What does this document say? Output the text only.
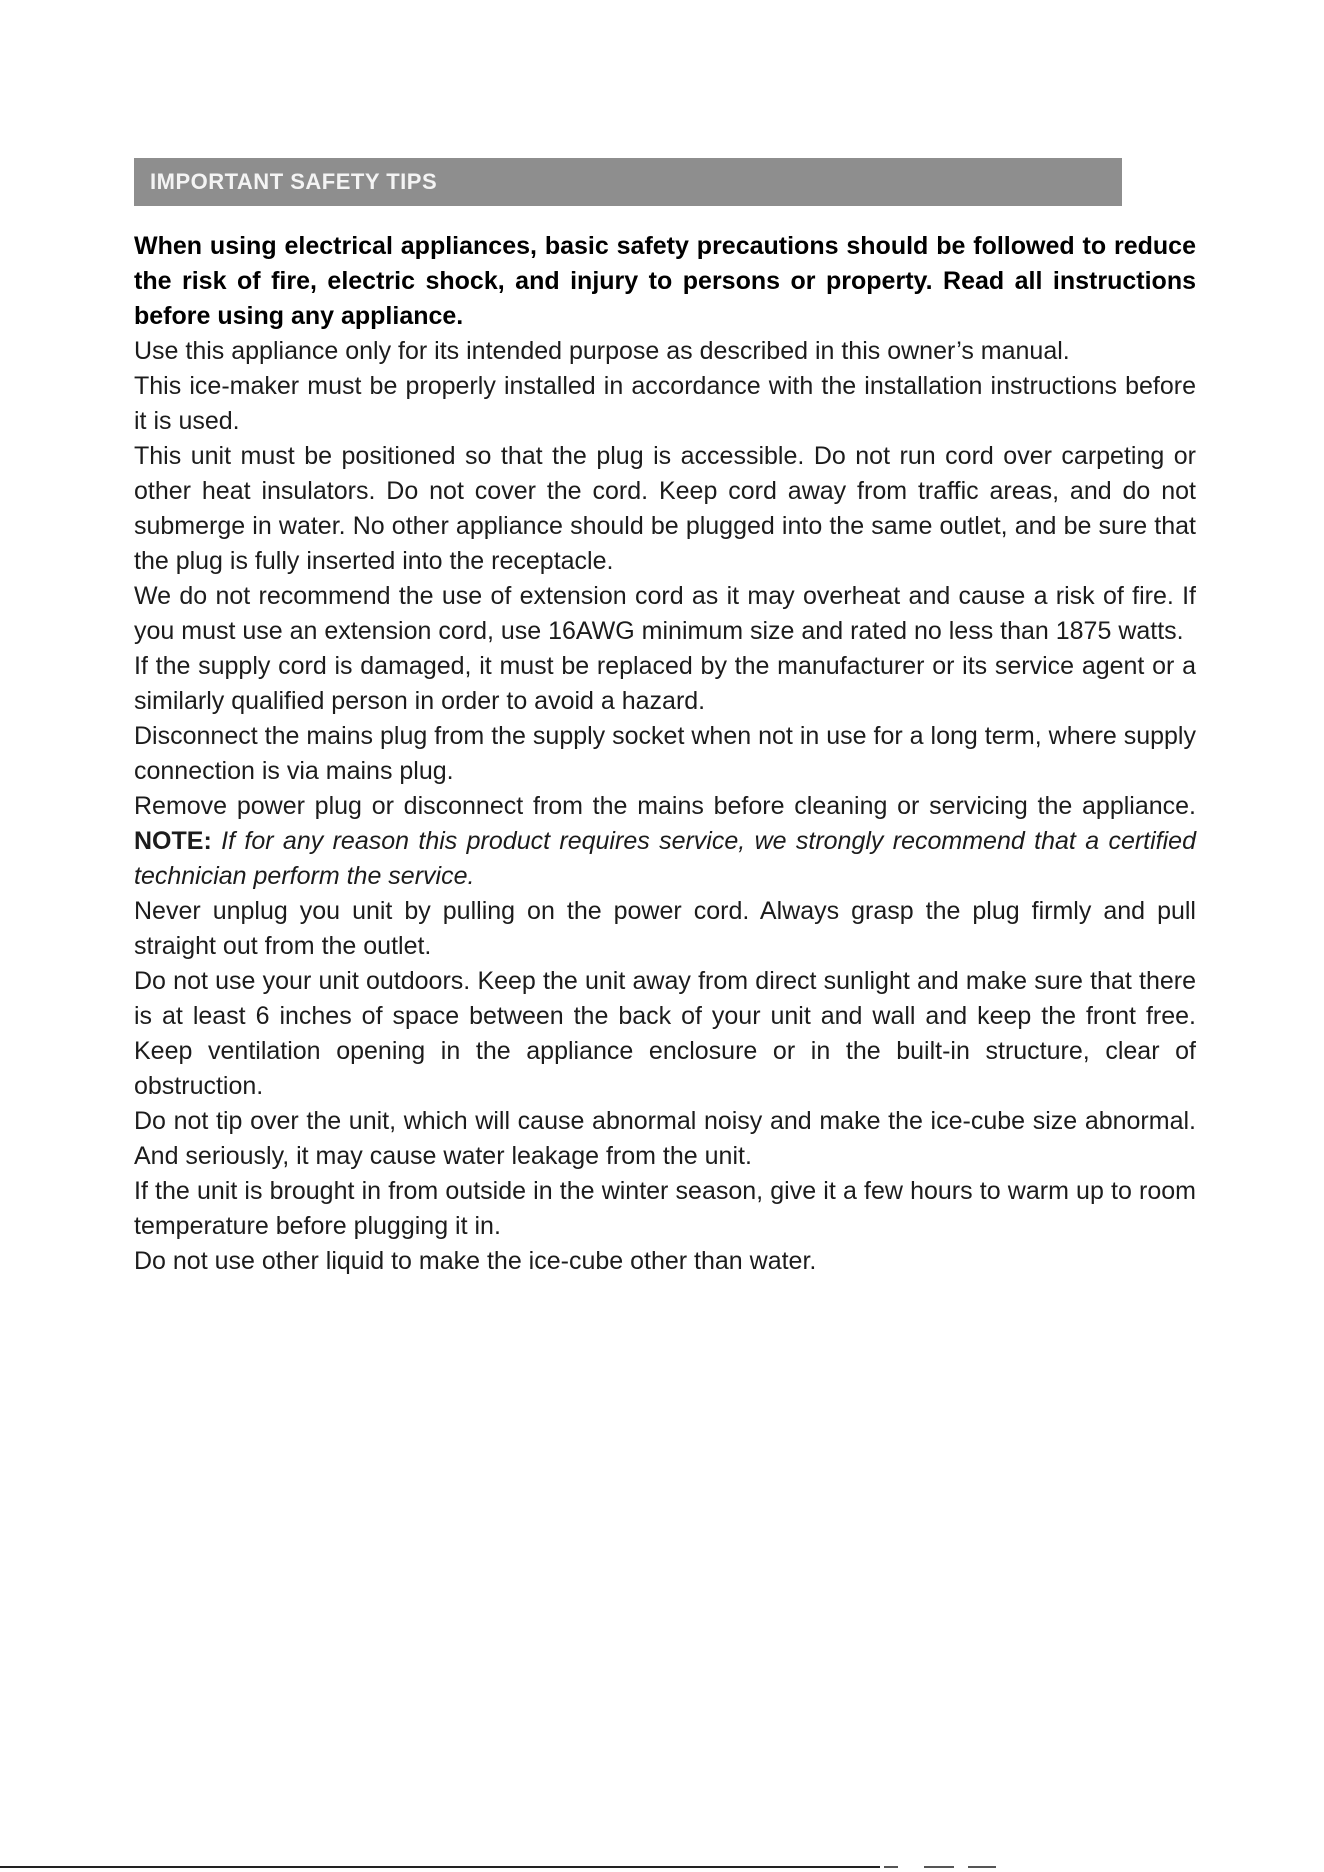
IMPORTANT SAFETY TIPS

When using electrical appliances, basic safety precautions should be followed to reduce the risk of fire, electric shock, and injury to persons or property. Read all instructions before using any appliance.

Use this appliance only for its intended purpose as described in this owner’s manual.

This ice-maker must be properly installed in accordance with the installation instructions before it is used.

This unit must be positioned so that the plug is accessible. Do not run cord over carpeting or other heat insulators. Do not cover the cord. Keep cord away from traffic areas, and do not submerge in water. No other appliance should be plugged into the same outlet, and be sure that the plug is fully inserted into the receptacle.

We do not recommend the use of extension cord as it may overheat and cause a risk of fire. If you must use an extension cord, use 16AWG minimum size and rated no less than 1875 watts.

If the supply cord is damaged, it must be replaced by the manufacturer or its service agent or a similarly qualified person in order to avoid a hazard.

Disconnect the mains plug from the supply socket when not in use for a long term, where supply connection is via mains plug.

Remove power plug or disconnect from the mains before cleaning or servicing the appliance. NOTE: If for any reason this product requires service, we strongly recommend that a certified technician perform the service.

Never unplug you unit by pulling on the power cord. Always grasp the plug firmly and pull straight out from the outlet.

Do not use your unit outdoors. Keep the unit away from direct sunlight and make sure that there is at least 6 inches of space between the back of your unit and wall and keep the front free. Keep ventilation opening in the appliance enclosure or in the built-in structure, clear of obstruction.

Do not tip over the unit, which will cause abnormal noisy and make the ice-cube size abnormal. And seriously, it may cause water leakage from the unit.

If the unit is brought in from outside in the winter season, give it a few hours to warm up to room temperature before plugging it in.

Do not use other liquid to make the ice-cube other than water.
